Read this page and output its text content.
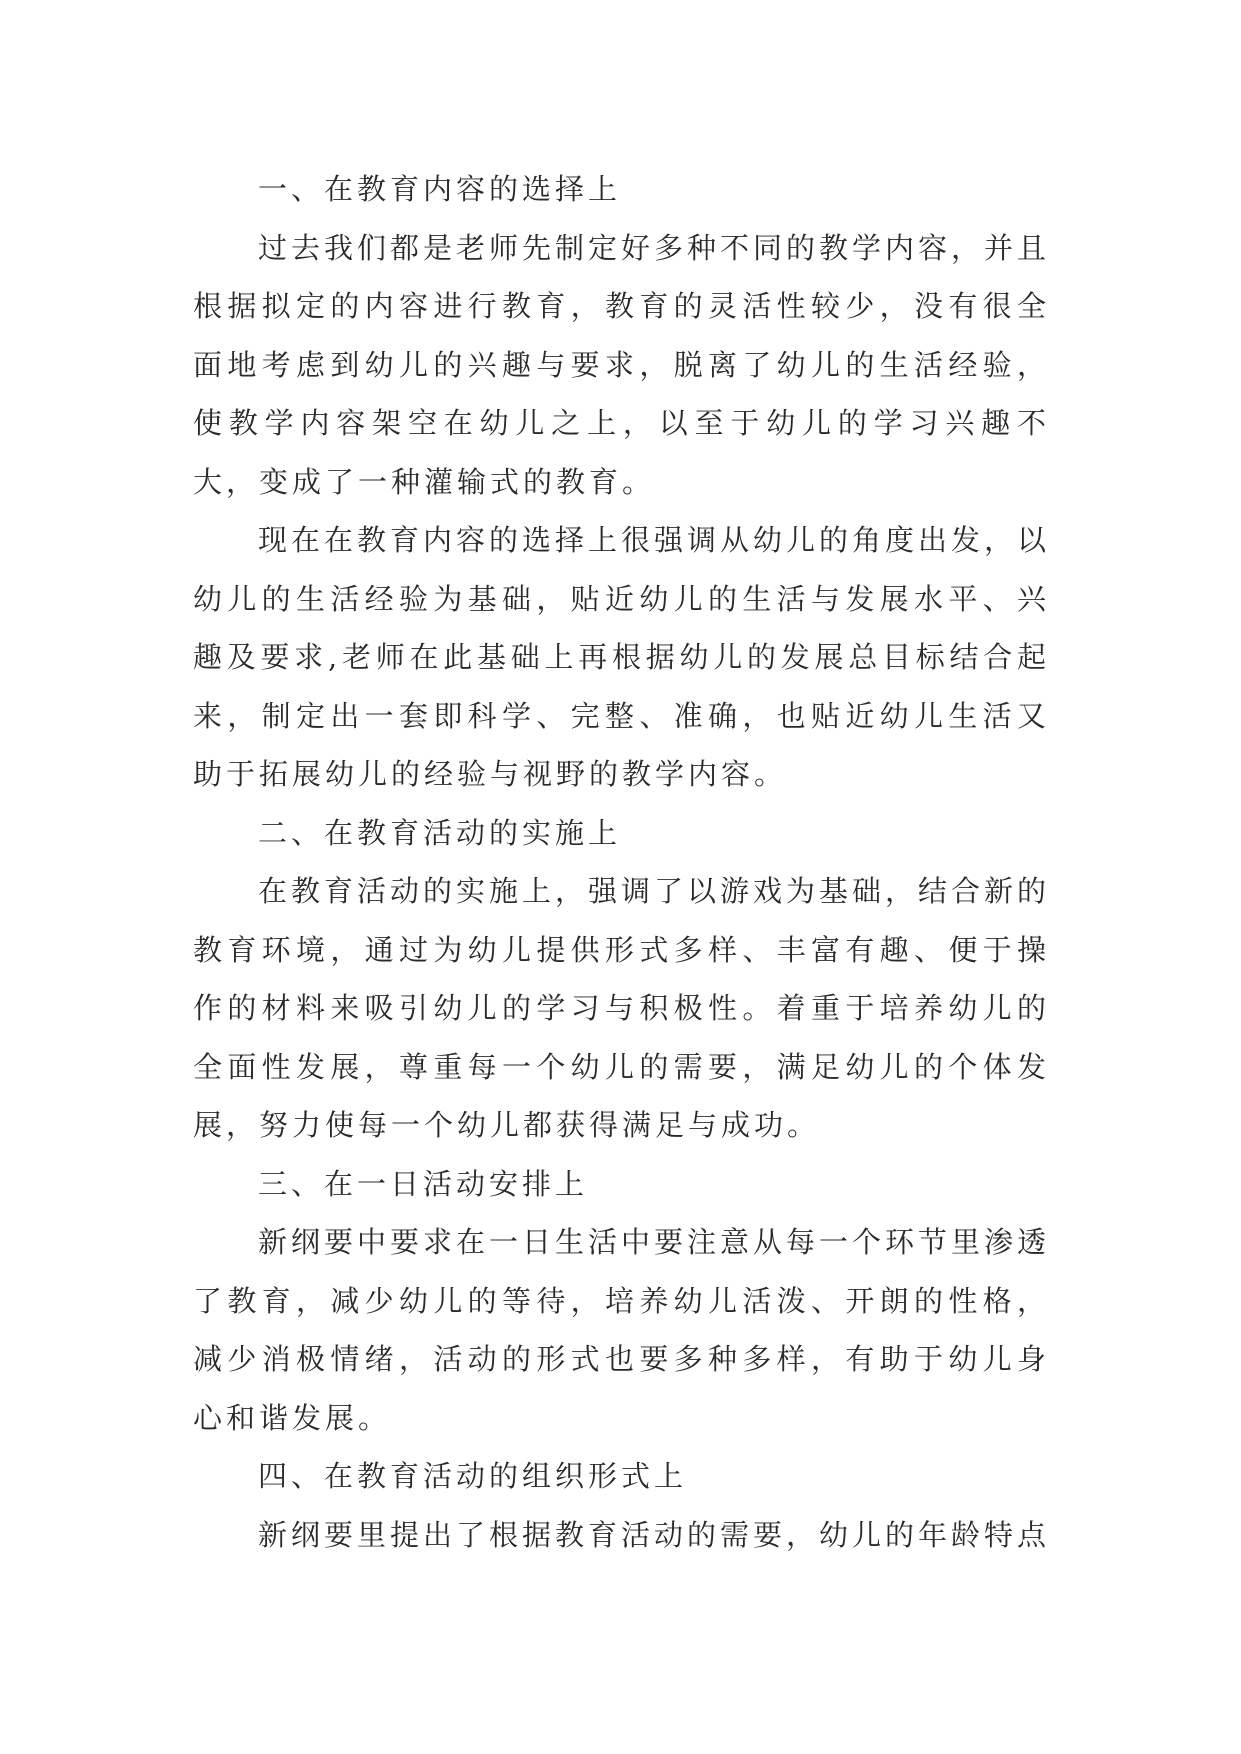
一、在教育内容的选择上

过去我们都是老师先制定好多种不同的教学内容，并且根据拟定的内容进行教育，教育的灵活性较少，没有很全面地考虑到幼儿的兴趣与要求，脱离了幼儿的生活经验，使教学内容架空在幼儿之上，以至于幼儿的学习兴趣不大，变成了一种灌输式的教育。

现在在教育内容的选择上很强调从幼儿的角度出发，以幼儿的生活经验为基础，贴近幼儿的生活与发展水平、兴趣及要求,老师在此基础上再根据幼儿的发展总目标结合起来，制定出一套即科学、完整、准确，也贴近幼儿生活又助于拓展幼儿的经验与视野的教学内容。

二、在教育活动的实施上

在教育活动的实施上，强调了以游戏为基础，结合新的教育环境，通过为幼儿提供形式多样、丰富有趣、便于操作的材料来吸引幼儿的学习与积极性。着重于培养幼儿的全面性发展，尊重每一个幼儿的需要，满足幼儿的个体发展，努力使每一个幼儿都获得满足与成功。

三、在一日活动安排上

新纲要中要求在一日生活中要注意从每一个环节里渗透了教育，减少幼儿的等待，培养幼儿活泼、开朗的性格，减少消极情绪，活动的形式也要多种多样，有助于幼儿身心和谐发展。

四、在教育活动的组织形式上

新纲要里提出了根据教育活动的需要，幼儿的年龄特点
